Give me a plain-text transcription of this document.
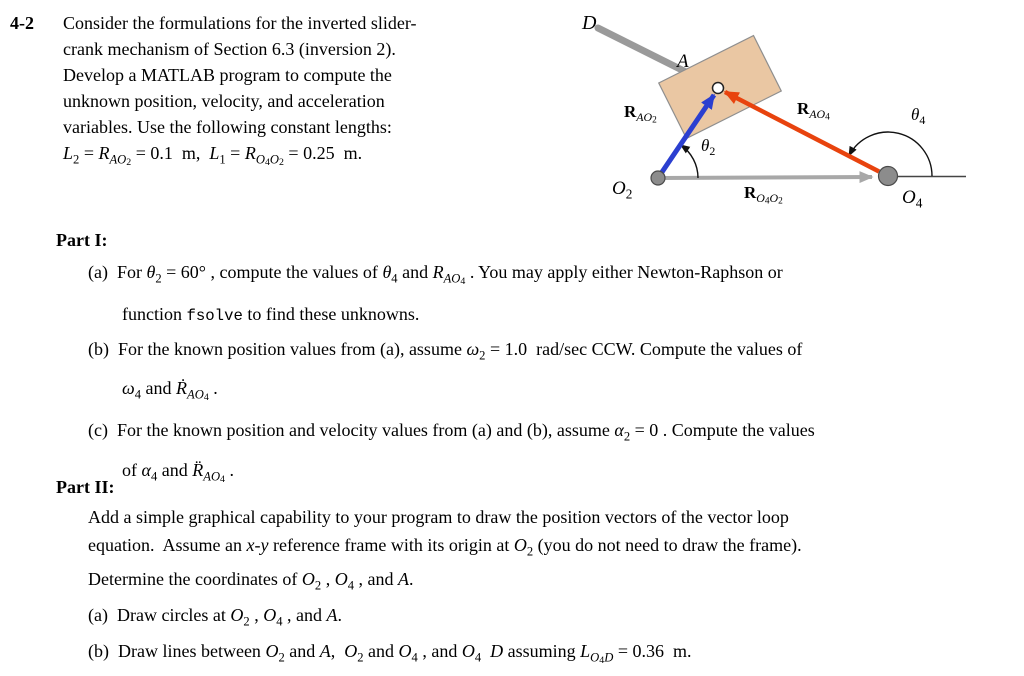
4-2 Consider the formulations for the inverted slider-
crank mechanism of Section 6.3 (inversion 2).
Develop a MATLAB program to compute the
unknown position, velocity, and acceleration
variables. Use the following constant lengths:
$L_2 = R_{AO2} = 0.1$  m,  $L_1 = R_{O4O2} = 0.25$  m.
D
A
$R_{AO2}$
$R_{AO4}$
$\theta_2$
$\theta_4$
$O_2$	$O_4$
$R_{O4O2}$
Part I:
(a)  For $\theta_2 = 60^\circ$ , compute the values of $\theta_4$ and $R_{AO4}$ . You may apply either Newton-Raphson or
function fsolve to find these unknowns.
(b)  For the known position values from (a), assume $\omega_2 = 1.0$  rad/sec CCW. Compute the values of
$\omega_4$ and $Ṙ_{AO4}$ .
(c)  For the known position and velocity values from (a) and (b), assume $\alpha_2 = 0$ . Compute the values
of $\alpha_4$ and $R̈_{AO4}$ .
Part II:
Add a simple graphical capability to your program to draw the position vectors of the vector loop
equation.  Assume an x-y reference frame with its origin at $O_2$ (you do not need to draw the frame).
Determine the coordinates of $O_2$ , $O_4$ , and A.
(a)  Draw circles at $O_2$ , $O_4$ , and A.
(b)  Draw lines between $O_2$ and A,  $O_2$ and $O_4$ , and $O_4$ D assuming $L_{O4D} = 0.36$  m.
